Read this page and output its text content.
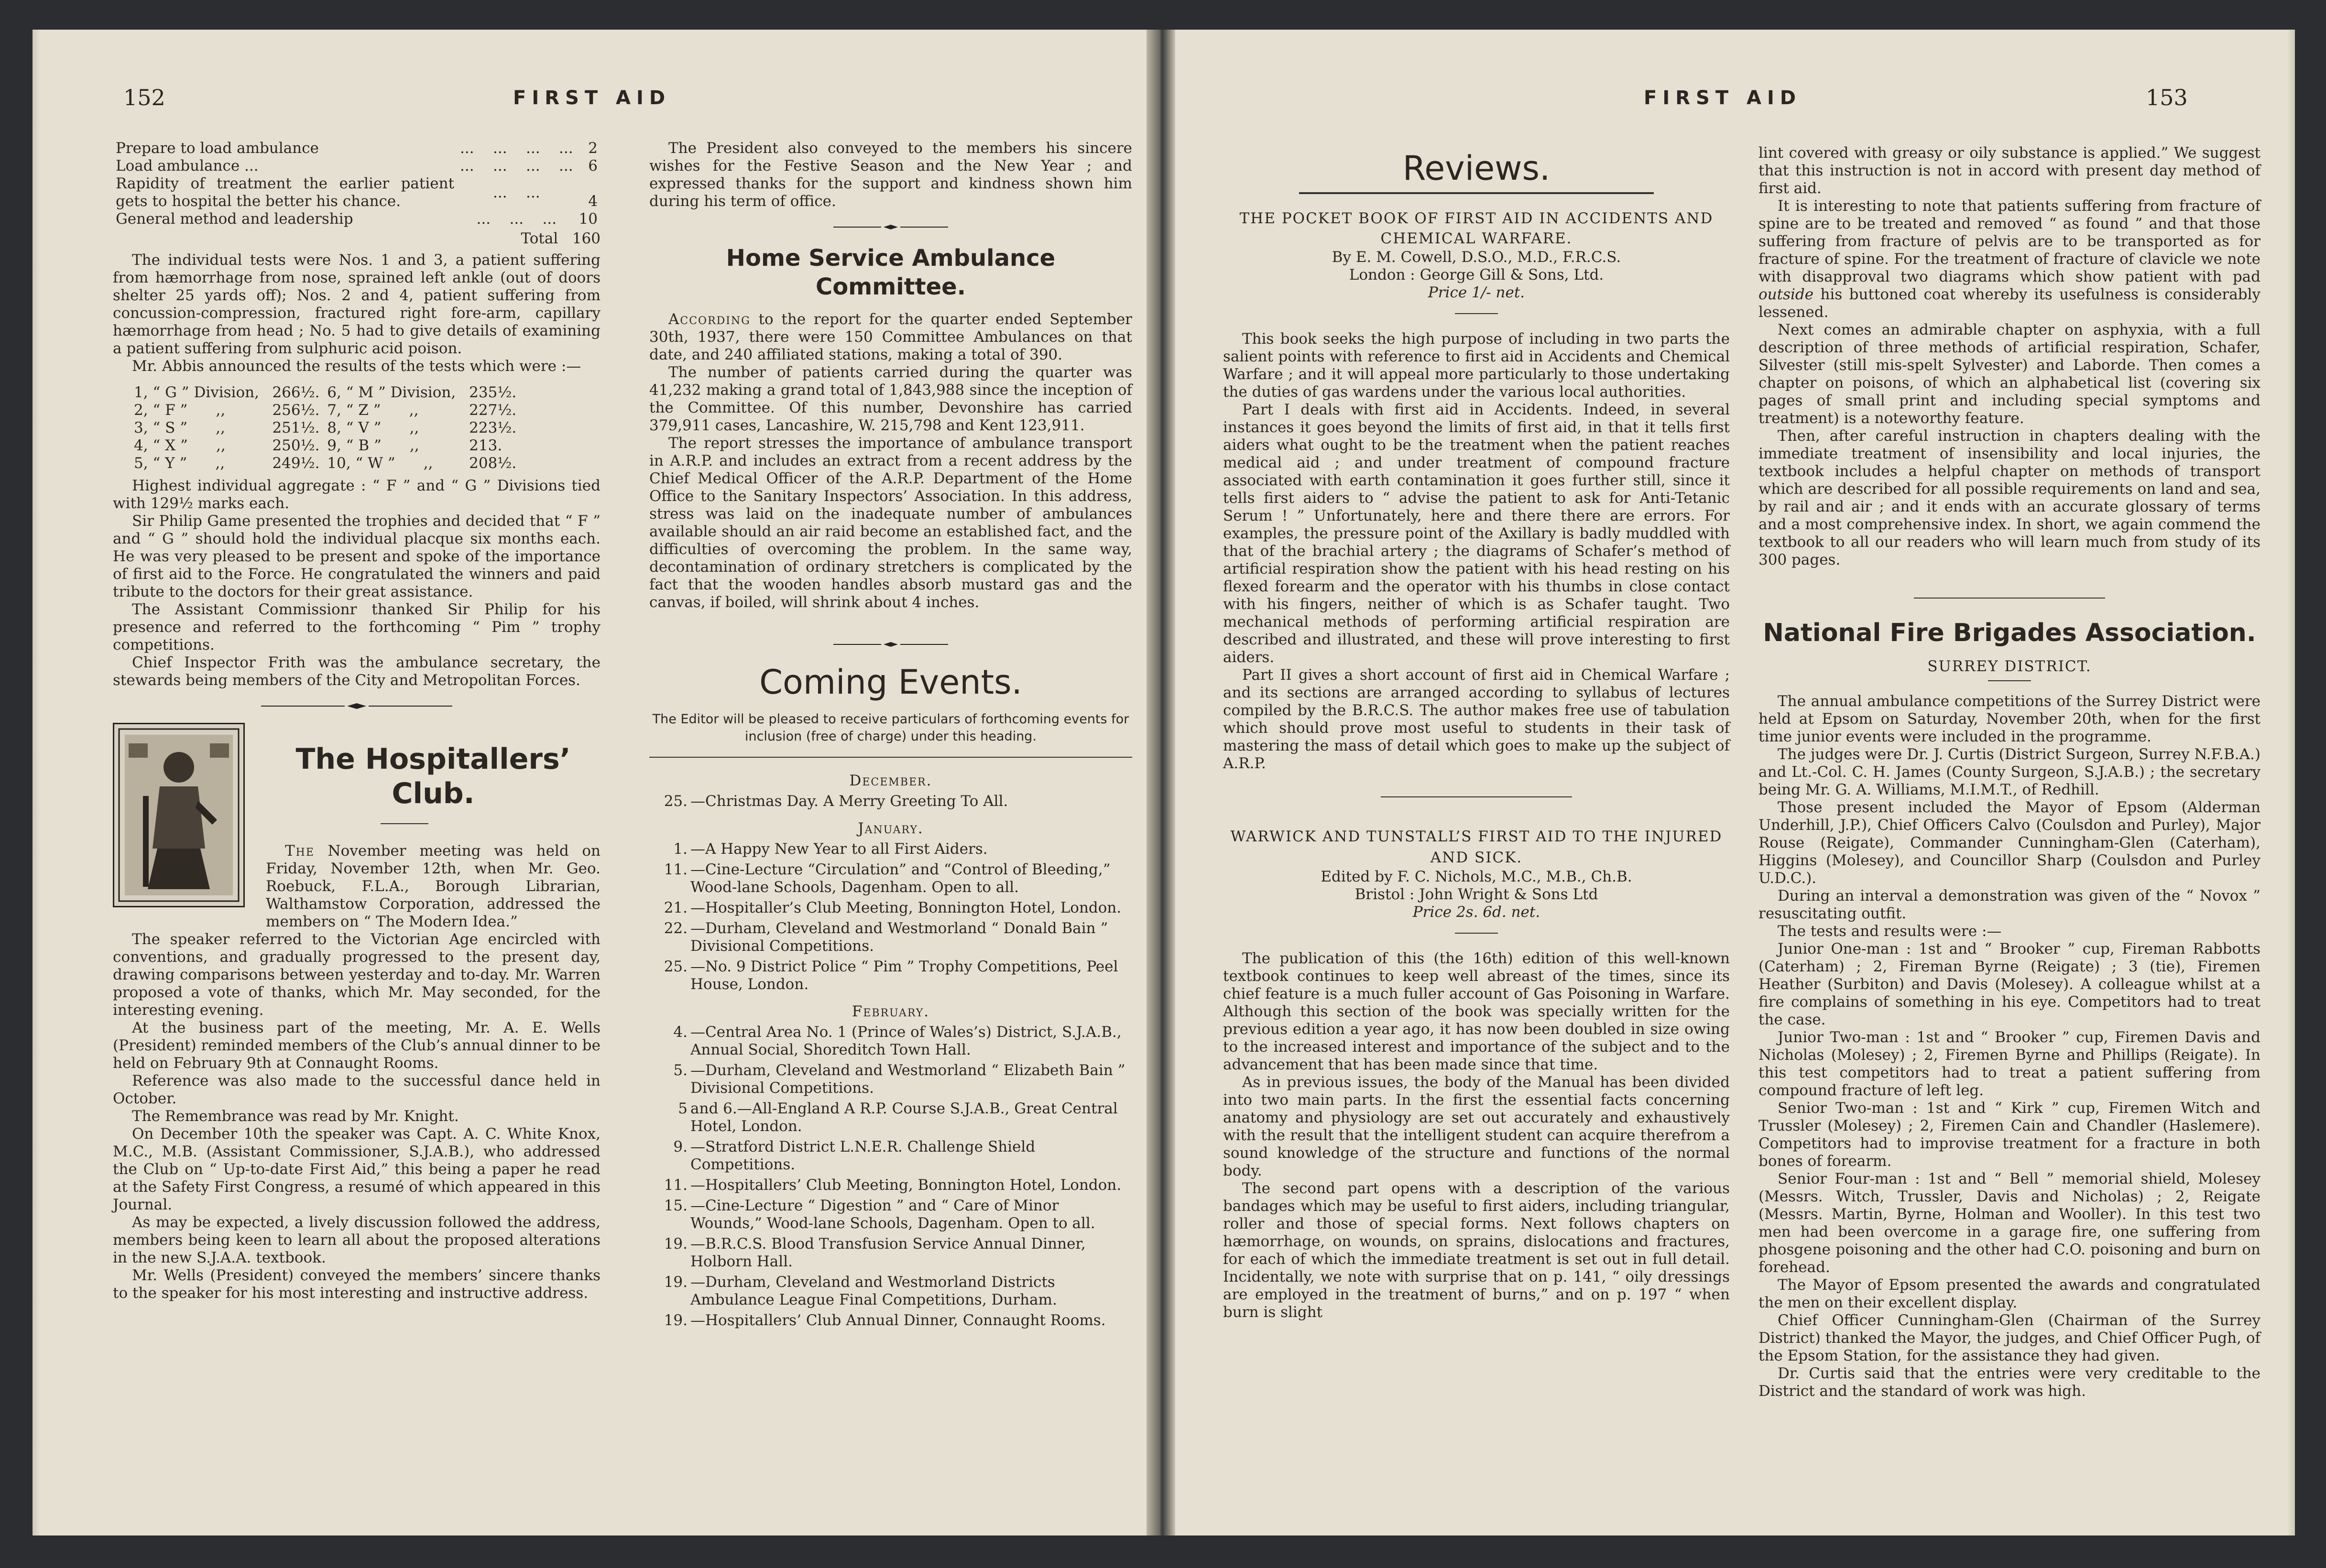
152	FIRST AID
Prepare to load ambulance	...    ...    ...    ...	2
Load ambulance ...	...    ...    ...    ...	6
Rapidity of treatment the earlier patient gets to hospital the better his chance.	...    ...	4
General method and leadership	...    ...    ...	10
Total 160

The individual tests were Nos. 1 and 3, a patient suffering from hæmorrhage from nose, sprained left ankle (out of doors shelter 25 yards off); Nos. 2 and 4, patient suffering from concussion-compression, fractured right fore-arm, capillary hæmorrhage from head ; No. 5 had to give details of examining a patient suffering from sulphuric acid poison.

Mr. Abbis announced the results of the tests which were :—

1, “ G ” Division,	266½.	6, “ M ” Division,	235½.
2, “ F ”      ,,	256½.	7, “ Z ”      ,,	227½.
3, “ S ”      ,,	251½.	8, “ V ”      ,,	223½.
4, “ X ”      ,,	250½.	9, “ B ”      ,,	213.
5, “ Y ”      ,,	249½.	10, “ W ”      ,,	208½.

Highest individual aggregate : “ F ” and “ G ” Divisions tied with 129½ marks each.

Sir Philip Game presented the trophies and decided that “ F ” and “ G ” should hold the individual placque six months each. He was very pleased to be present and spoke of the importance of first aid to the Force. He congratulated the winners and paid tribute to the doctors for their great assistance.

The Assistant Commissionr thanked Sir Philip for his presence and referred to the forthcoming “ Pim ” trophy competitions.

Chief Inspector Frith was the ambulance secretary, the stewards being members of the City and Metropolitan Forces.

The Hospitallers’ Club.

The November meeting was held on Friday, November 12th, when Mr. Geo. Roebuck, F.L.A., Borough Librarian, Walthamstow Corporation, addressed the members on “ The Modern Idea.”

The speaker referred to the Victorian Age encircled with conventions, and gradually progressed to the present day, drawing comparisons between yesterday and to-day. Mr. Warren proposed a vote of thanks, which Mr. May seconded, for the interesting evening.

At the business part of the meeting, Mr. A. E. Wells (President) reminded members of the Club’s annual dinner to be held on February 9th at Connaught Rooms.

Reference was also made to the successful dance held in October.

The Remembrance was read by Mr. Knight.

On December 10th the speaker was Capt. A. C. White Knox, M.C., M.B. (Assistant Commissioner, S.J.A.B.), who addressed the Club on “ Up-to-date First Aid,” this being a paper he read at the Safety First Congress, a resumé of which appeared in this Journal.

As may be expected, a lively discussion followed the address, members being keen to learn all about the proposed alterations in the new S.J.A.A. textbook.

Mr. Wells (President) conveyed the members’ sincere thanks to the speaker for his most interesting and instructive address.

The President also conveyed to the members his sincere wishes for the Festive Season and the New Year ; and expressed thanks for the support and kindness shown him during his term of office.

Home Service Ambulance Committee.

According to the report for the quarter ended September 30th, 1937, there were 150 Committee Ambulances on that date, and 240 affiliated stations, making a total of 390.

The number of patients carried during the quarter was 41,232 making a grand total of 1,843,988 since the inception of the Committee. Of this number, Devonshire has carried 379,911 cases, Lancashire, W. 215,798 and Kent 123,911.

The report stresses the importance of ambulance transport in A.R.P. and includes an extract from a recent address by the Chief Medical Officer of the A.R.P. Department of the Home Office to the Sanitary Inspectors’ Association. In this address, stress was laid on the inadequate number of ambulances available should an air raid become an established fact, and the difficulties of overcoming the problem. In the same way, decontamination of ordinary stretchers is complicated by the fact that the wooden handles absorb mustard gas and the canvas, if boiled, will shrink about 4 inches.

Coming Events.

The Editor will be pleased to receive particulars of forthcoming events for inclusion (free of charge) under this heading.

December.

25. —Christmas Day. A Merry Greeting To All.

January.

1. —A Happy New Year to all First Aiders.
11. —Cine-Lecture “Circulation” and “Control of Bleeding,” Wood-lane Schools, Dagenham. Open to all.
21. —Hospitaller’s Club Meeting, Bonnington Hotel, London.
22. —Durham, Cleveland and Westmorland “ Donald Bain ” Divisional Competitions.
25. —No. 9 District Police “ Pim ” Trophy Competitions, Peel House, London.

February.

4. —Central Area No. 1 (Prince of Wales’s) District, S.J.A.B., Annual Social, Shoreditch Town Hall.
5. —Durham, Cleveland and Westmorland “ Elizabeth Bain ” Divisional Competitions.
5 and 6.—All-England A R.P. Course S.J.A.B., Great Central Hotel, London.
9. —Stratford District L.N.E.R. Challenge Shield Competitions.
11. —Hospitallers’ Club Meeting, Bonnington Hotel, London.
15. —Cine-Lecture “ Digestion ” and “ Care of Minor Wounds,” Wood-lane Schools, Dagenham. Open to all.
19. —B.R.C.S. Blood Transfusion Service Annual Dinner, Holborn Hall.
19. —Durham, Cleveland and Westmorland Districts Ambulance League Final Competitions, Durham.
19. —Hospitallers’ Club Annual Dinner, Connaught Rooms.
FIRST AID	153
Reviews.

THE POCKET BOOK OF FIRST AID IN ACCIDENTS AND CHEMICAL WARFARE.

By E. M. Cowell, D.S.O., M.D., F.R.C.S.

London : George Gill & Sons, Ltd.

Price 1/- net.

This book seeks the high purpose of including in two parts the salient points with reference to first aid in Accidents and Chemical Warfare ; and it will appeal more particularly to those undertaking the duties of gas wardens under the various local authorities.

Part I deals with first aid in Accidents. Indeed, in several instances it goes beyond the limits of first aid, in that it tells first aiders what ought to be the treatment when the patient reaches medical aid ; and under treatment of compound fracture associated with earth contamination it goes further still, since it tells first aiders to “ advise the patient to ask for Anti-Tetanic Serum ! ” Unfortunately, here and there there are errors. For examples, the pressure point of the Axillary is badly muddled with that of the brachial artery ; the diagrams of Schafer’s method of artificial respiration show the patient with his head resting on his flexed forearm and the operator with his thumbs in close contact with his fingers, neither of which is as Schafer taught. Two mechanical methods of performing artificial respiration are described and illustrated, and these will prove interesting to first aiders.

Part II gives a short account of first aid in Chemical Warfare ; and its sections are arranged according to syllabus of lectures compiled by the B.R.C.S. The author makes free use of tabulation which should prove most useful to students in their task of mastering the mass of detail which goes to make up the subject of A.R.P.

WARWICK AND TUNSTALL’S FIRST AID TO THE INJURED AND SICK.

Edited by F. C. Nichols, M.C., M.B., Ch.B.

Bristol : John Wright & Sons Ltd

Price 2s. 6d. net.

The publication of this (the 16th) edition of this well-known textbook continues to keep well abreast of the times, since its chief feature is a much fuller account of Gas Poisoning in Warfare. Although this section of the book was specially written for the previous edition a year ago, it has now been doubled in size owing to the increased interest and importance of the subject and to the advancement that has been made since that time.

As in previous issues, the body of the Manual has been divided into two main parts. In the first the essential facts concerning anatomy and physiology are set out accurately and exhaustively with the result that the intelligent student can acquire therefrom a sound knowledge of the structure and functions of the normal body.

The second part opens with a description of the various bandages which may be useful to first aiders, including triangular, roller and those of special forms. Next follows chapters on hæmorrhage, on wounds, on sprains, dislocations and fractures, for each of which the immediate treatment is set out in full detail. Incidentally, we note with surprise that on p. 141, “ oily dressings are employed in the treatment of burns,” and on p. 197 “ when burn is slight

lint covered with greasy or oily substance is applied.” We suggest that this instruction is not in accord with present day method of first aid.

It is interesting to note that patients suffering from fracture of spine are to be treated and removed “ as found ” and that those suffering from fracture of pelvis are to be transported as for fracture of spine. For the treatment of fracture of clavicle we note with disapproval two diagrams which show patient with pad outside his buttoned coat whereby its usefulness is considerably lessened.

Next comes an admirable chapter on asphyxia, with a full description of three methods of artificial respiration, Schafer, Silvester (still mis-spelt Sylvester) and Laborde. Then comes a chapter on poisons, of which an alphabetical list (covering six pages of small print and including special symptoms and treatment) is a noteworthy feature.

Then, after careful instruction in chapters dealing with the immediate treatment of insensibility and local injuries, the textbook includes a helpful chapter on methods of transport which are described for all possible requirements on land and sea, by rail and air ; and it ends with an accurate glossary of terms and a most comprehensive index. In short, we again commend the textbook to all our readers who will learn much from study of its 300 pages.

National Fire Brigades Association.

SURREY DISTRICT.

The annual ambulance competitions of the Surrey District were held at Epsom on Saturday, November 20th, when for the first time junior events were included in the programme.

The judges were Dr. J. Curtis (District Surgeon, Surrey N.F.B.A.) and Lt.-Col. C. H. James (County Surgeon, S.J.A.B.) ; the secretary being Mr. G. A. Williams, M.I.M.T., of Redhill.

Those present included the Mayor of Epsom (Alderman Underhill, J.P.), Chief Officers Calvo (Coulsdon and Purley), Major Rouse (Reigate), Commander Cunningham-Glen (Caterham), Higgins (Molesey), and Councillor Sharp (Coulsdon and Purley U.D.C.).

During an interval a demonstration was given of the “ Novox ” resuscitating outfit.

The tests and results were :—

Junior One-man : 1st and “ Brooker ” cup, Fireman Rabbotts (Caterham) ; 2, Fireman Byrne (Reigate) ; 3 (tie), Firemen Heather (Surbiton) and Davis (Molesey). A colleague whilst at a fire complains of something in his eye. Competitors had to treat the case.

Junior Two-man : 1st and “ Brooker ” cup, Firemen Davis and Nicholas (Molesey) ; 2, Firemen Byrne and Phillips (Reigate). In this test competitors had to treat a patient suffering from compound fracture of left leg.

Senior Two-man : 1st and “ Kirk ” cup, Firemen Witch and Trussler (Molesey) ; 2, Firemen Cain and Chandler (Haslemere). Competitors had to improvise treatment for a fracture in both bones of forearm.

Senior Four-man : 1st and “ Bell ” memorial shield, Molesey (Messrs. Witch, Trussler, Davis and Nicholas) ; 2, Reigate (Messrs. Martin, Byrne, Holman and Wooller). In this test two men had been overcome in a garage fire, one suffering from phosgene poisoning and the other had C.O. poisoning and burn on forehead.

The Mayor of Epsom presented the awards and congratulated the men on their excellent display.

Chief Officer Cunningham-Glen (Chairman of the Surrey District) thanked the Mayor, the judges, and Chief Officer Pugh, of the Epsom Station, for the assistance they had given.

Dr. Curtis said that the entries were very creditable to the District and the standard of work was high.
